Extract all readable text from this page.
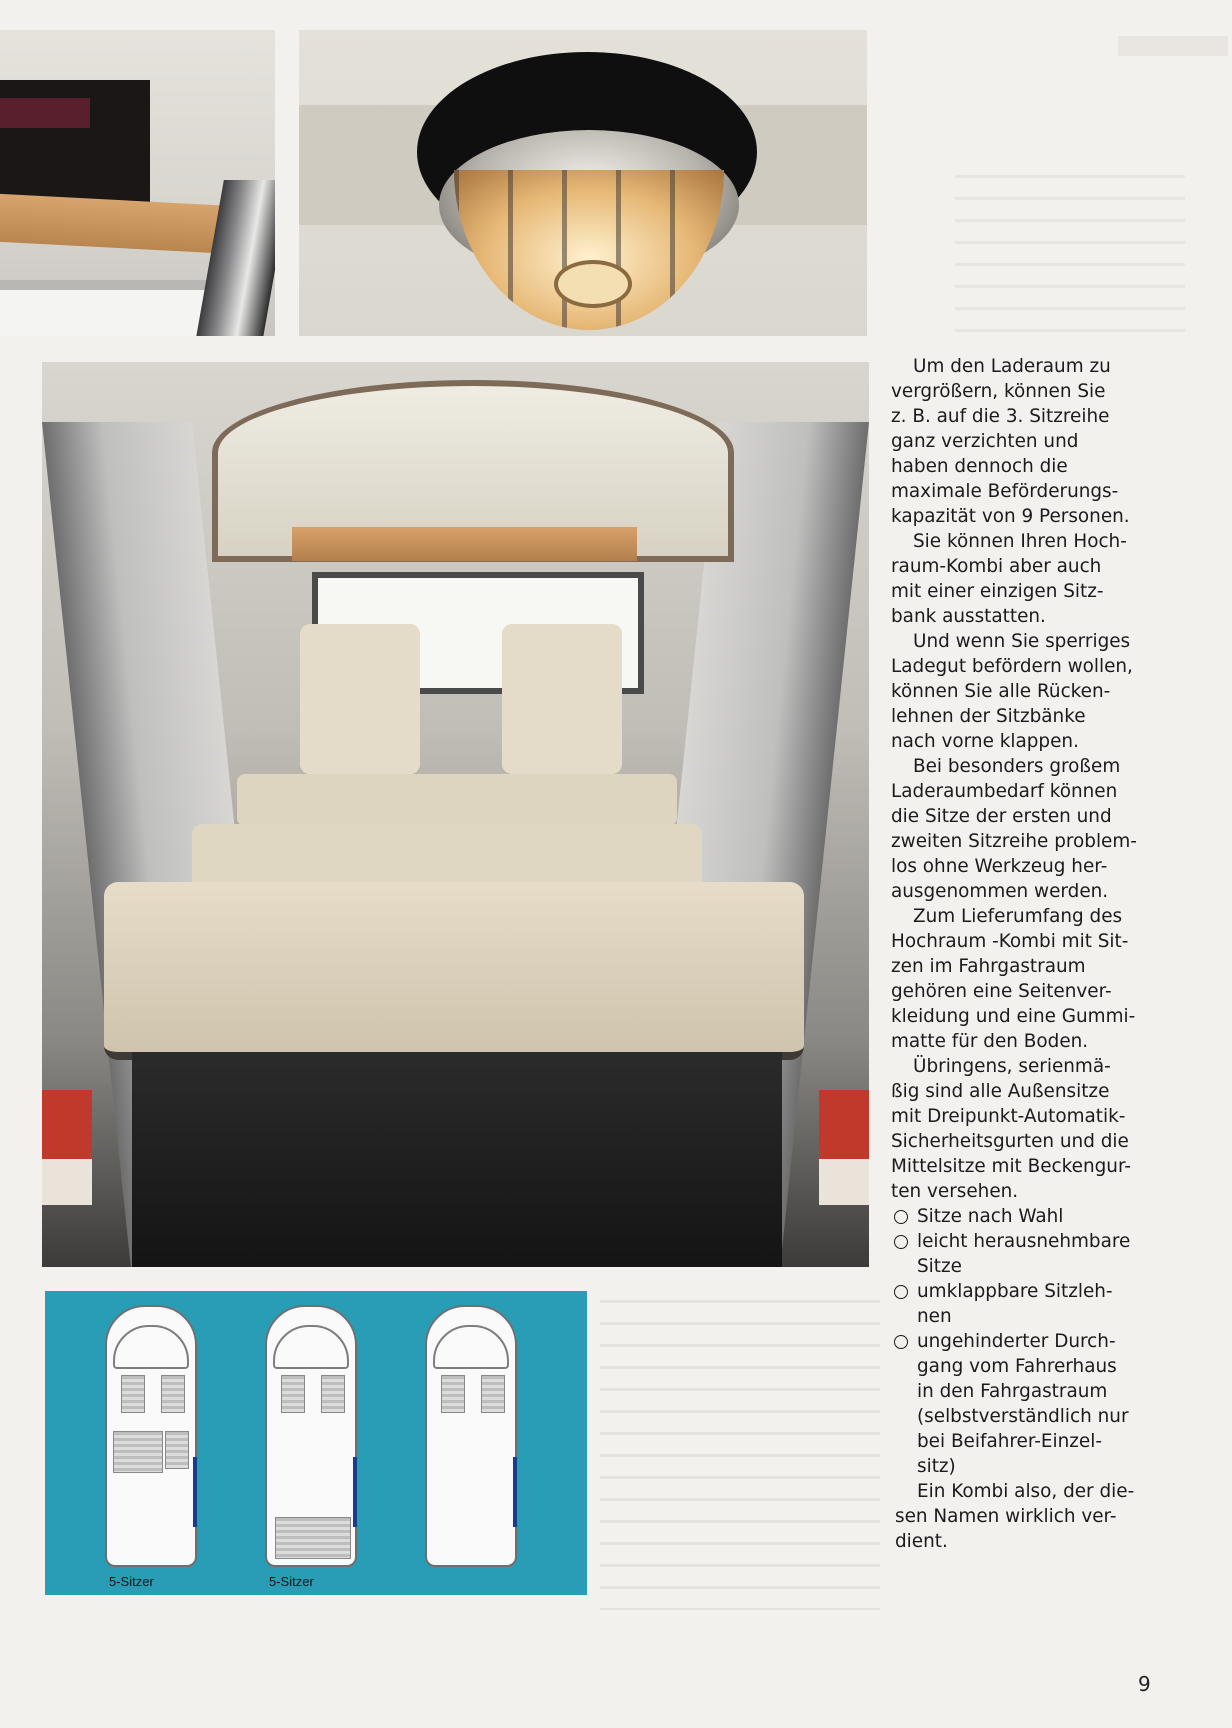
5-Sitzer	5-Sitzer
Um den Laderaum zu
vergrößern, können Sie
z. B. auf die 3. Sitzreihe
ganz verzichten und
haben dennoch die
maximale Beförderungs-
kapazität von 9 Personen.
Sie können Ihren Hoch-
raum-Kombi aber auch
mit einer einzigen Sitz-
bank ausstatten.
Und wenn Sie sperriges
Ladegut befördern wollen,
können Sie alle Rücken-
lehnen der Sitzbänke
nach vorne klappen.
Bei besonders großem
Laderaumbedarf können
die Sitze der ersten und
zweiten Sitzreihe problem-
los ohne Werkzeug her-
ausgenommen werden.
Zum Lieferumfang des
Hochraum -Kombi mit Sit-
zen im Fahrgastraum
gehören eine Seitenver-
kleidung und eine Gummi-
matte für den Boden.
Übringens, serienmä-
ßig sind alle Außensitze
mit Dreipunkt-Automatik-
Sicherheitsgurten und die
Mittelsitze mit Beckengur-
ten versehen.
Sitze nach Wahl
leicht herausnehmbare
Sitze
umklappbare Sitzleh-
nen
ungehinderter Durch-
gang vom Fahrerhaus
in den Fahrgastraum
(selbstverständlich nur
bei Beifahrer-Einzel-
sitz)
Ein Kombi also, der die-
sen Namen wirklich ver-
dient.
9
